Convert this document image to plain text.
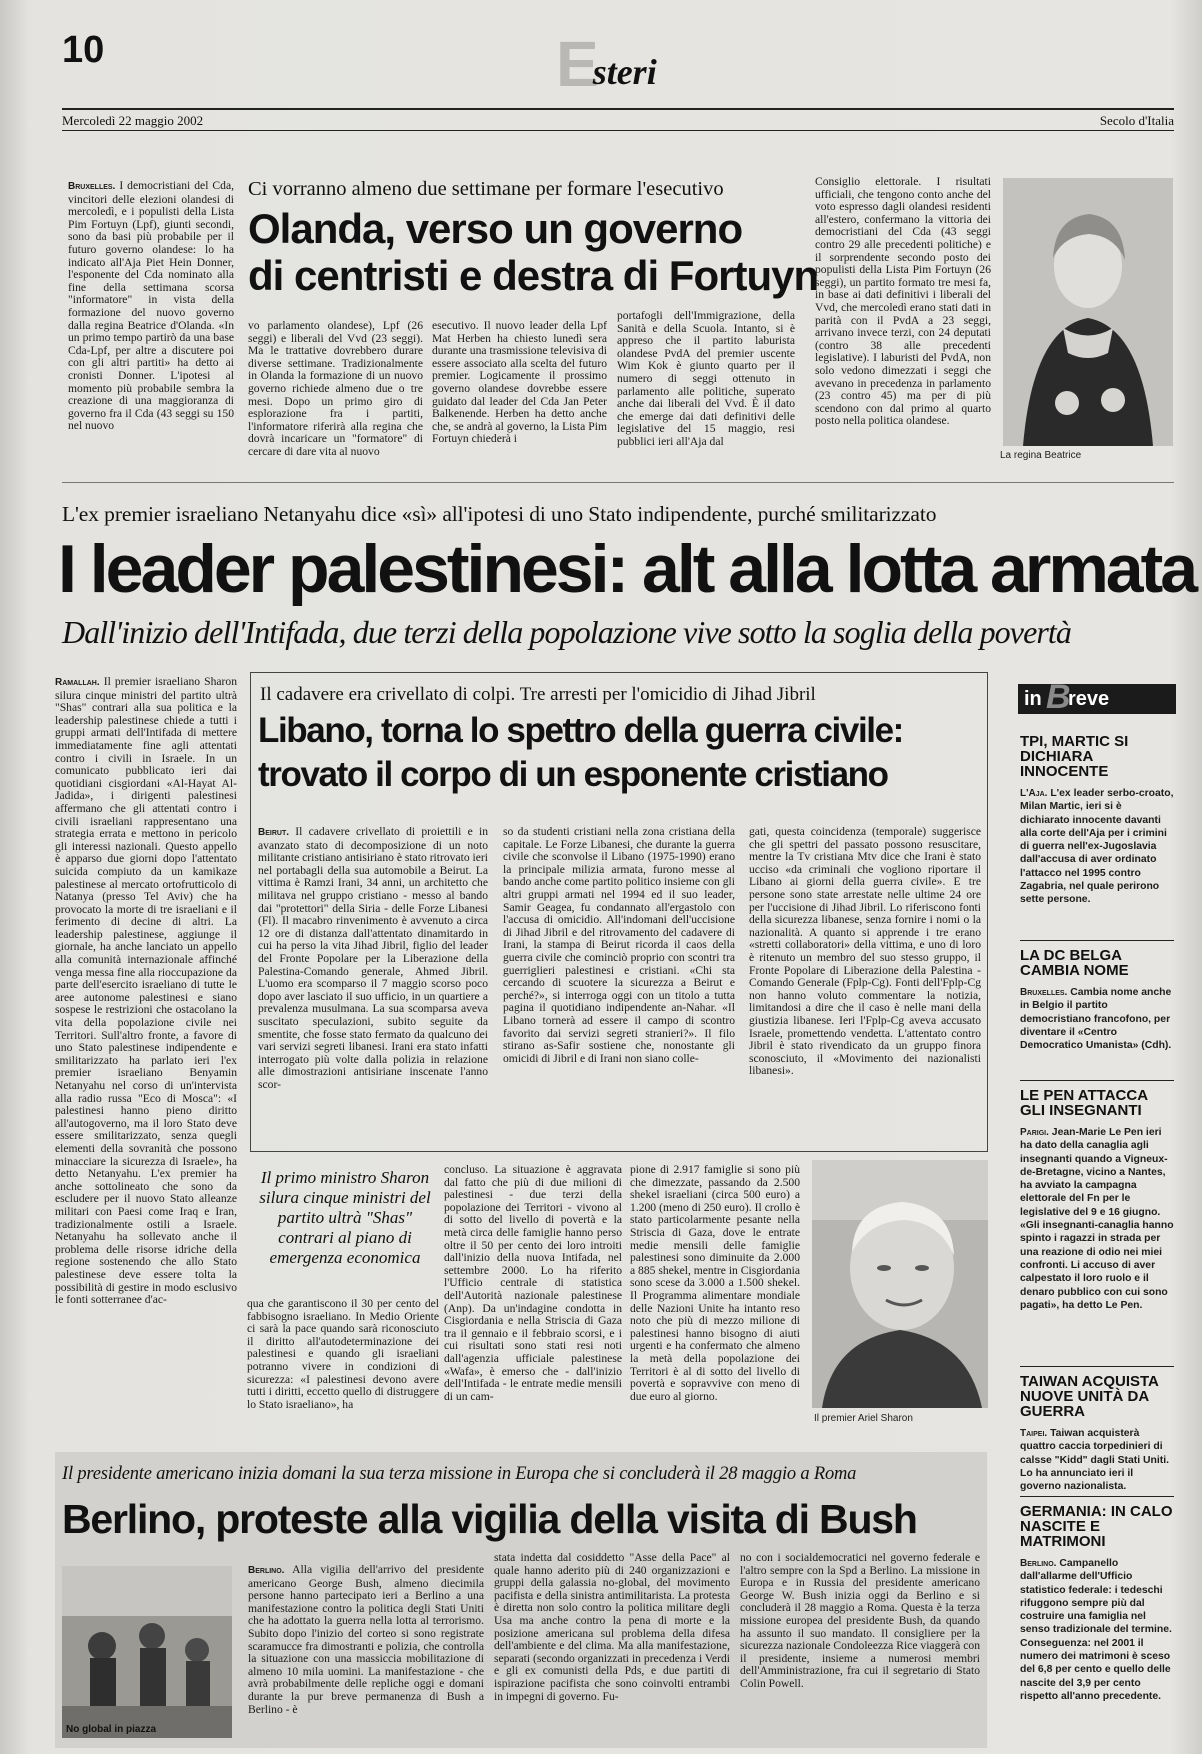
10	Esteri
Mercoledì 22 maggio 2002	Secolo d'Italia

Bruxelles. I democristiani del Cda, vincitori delle elezioni olandesi di mercoledì, e i populisti della Lista Pim Fortuyn (Lpf), giunti secondi, sono da basi più probabile per il futuro governo olandese: lo ha indicato all'Aja Piet Hein Donner, l'esponente del Cda nominato alla fine della settimana scorsa "informatore" in vista della formazione del nuovo governo dalla regina Beatrice d'Olanda. «In un primo tempo partirò da una base Cda-Lpf, per altre a discutere poi con gli altri partiti» ha detto ai cronisti Donner. L'ipotesi al momento più probabile sembra la creazione di una maggioranza di governo fra il Cda (43 seggi su 150 nel nuovo

Ci vorranno almeno due settimane per formare l'esecutivo
Olanda, verso un governo
di centristi e destra di Fortuyn

vo parlamento olandese), Lpf (26 seggi) e liberali del Vvd (23 seggi). Ma le trattative dovrebbero durare diverse settimane. Tradizionalmente in Olanda la formazione di un nuovo governo richiede almeno due o tre mesi. Dopo un primo giro di esplorazione fra i partiti, l'informatore riferirà alla regina che dovrà incaricare un "formatore" di cercare di dare vita al nuovo

esecutivo. Il nuovo leader della Lpf Mat Herben ha chiesto lunedì sera durante una trasmissione televisiva di essere associato alla scelta del futuro premier. Logicamente il prossimo governo olandese dovrebbe essere guidato dal leader del Cda Jan Peter Balkenende. Herben ha detto anche che, se andrà al governo, la Lista Pim Fortuyn chiederà i

portafogli dell'Immigrazione, della Sanità e della Scuola. Intanto, si è appreso che il partito laburista olandese PvdA del premier uscente Wim Kok è giunto quarto per il numero di seggi ottenuto in parlamento alle politiche, superato anche dai liberali del Vvd. È il dato che emerge dai dati definitivi delle legislative del 15 maggio, resi pubblici ieri all'Aja dal

Consiglio elettorale. I risultati ufficiali, che tengono conto anche del voto espresso dagli olandesi residenti all'estero, confermano la vittoria dei democristiani del Cda (43 seggi contro 29 alle precedenti politiche) e il sorprendente secondo posto dei populisti della Lista Pim Fortuyn (26 seggi), un partito formato tre mesi fa, in base ai dati definitivi i liberali del Vvd, che mercoledì erano stati dati in parità con il PvdA a 23 seggi, arrivano invece terzi, con 24 deputati (contro 38 alle precedenti legislative). I laburisti del PvdA, non solo vedono dimezzati i seggi che avevano in precedenza in parlamento (23 contro 45) ma per di più scendono con dal primo al quarto posto nella politica olandese.

La regina Beatrice
L'ex premier israeliano Netanyahu dice «sì» all'ipotesi di uno Stato indipendente, purché smilitarizzato
I leader palestinesi: alt alla lotta armata
Dall'inizio dell'Intifada, due terzi della popolazione vive sotto la soglia della povertà

Ramallah. Il premier israeliano Sharon silura cinque ministri del partito ultrà "Shas" contrari alla sua politica e la leadership palestinese chiede a tutti i gruppi armati dell'Intifada di mettere immediatamente fine agli attentati contro i civili in Israele. In un comunicato pubblicato ieri dai quotidiani cisgiordani «Al-Hayat Al-Jadida», i dirigenti palestinesi affermano che gli attentati contro i civili israeliani rappresentano una strategia errata e mettono in pericolo gli interessi nazionali. Questo appello è apparso due giorni dopo l'attentato suicida compiuto da un kamikaze palestinese al mercato ortofrutticolo di Natanya (presso Tel Aviv) che ha provocato la morte di tre israeliani e il ferimento di decine di altri. La leadership palestinese, aggiunge il giornale, ha anche lanciato un appello alla comunità internazionale affinché venga messa fine alla rioccupazione da parte dell'esercito israeliano di tutte le aree autonome palestinesi e siano sospese le restrizioni che ostacolano la vita della popolazione civile nei Territori. Sull'altro fronte, a favore di uno Stato palestinese indipendente e smilitarizzato ha parlato ieri l'ex premier israeliano Benyamin Netanyahu nel corso di un'intervista alla radio russa "Eco di Mosca": «I palestinesi hanno pieno diritto all'autogoverno, ma il loro Stato deve essere smilitarizzato, senza quegli elementi della sovranità che possono minacciare la sicurezza di Israele», ha detto Netanyahu. L'ex premier ha anche sottolineato che sono da escludere per il nuovo Stato alleanze militari con Paesi come Iraq e Iran, tradizionalmente ostili a Israele. Netanyahu ha sollevato anche il problema delle risorse idriche della regione sostenendo che allo Stato palestinese deve essere tolta la possibilità di gestire in modo esclusivo le fonti sotterranee d'ac-

Il cadavere era crivellato di colpi. Tre arresti per l'omicidio di Jihad Jibril
Libano, torna lo spettro della guerra civile:
trovato il corpo di un esponente cristiano

Beirut. Il cadavere crivellato di proiettili e in avanzato stato di decomposizione di un noto militante cristiano antisiriano è stato ritrovato ieri nel portabagli della sua automobile a Beirut. La vittima è Ramzi Irani, 34 anni, un architetto che militava nel gruppo cristiano - messo al bando dai "protettori" della Siria - delle Forze Libanesi (Fl). Il macabro rinvenimento è avvenuto a circa 12 ore di distanza dall'attentato dinamitardo in cui ha perso la vita Jihad Jibril, figlio del leader del Fronte Popolare per la Liberazione della Palestina-Comando generale, Ahmed Jibril. L'uomo era scomparso il 7 maggio scorso poco dopo aver lasciato il suo ufficio, in un quartiere a prevalenza musulmana. La sua scomparsa aveva suscitato speculazioni, subito seguite da smentite, che fosse stato fermato da qualcuno dei vari servizi segreti libanesi. Irani era stato infatti interrogato più volte dalla polizia in relazione alle dimostrazioni antisiriane inscenate l'anno scor-

so da studenti cristiani nella zona cristiana della capitale. Le Forze Libanesi, che durante la guerra civile che sconvolse il Libano (1975-1990) erano la principale milizia armata, furono messe al bando anche come partito politico insieme con gli altri gruppi armati nel 1994 ed il suo leader, Samir Geagea, fu condannato all'ergastolo con l'accusa di omicidio. All'indomani dell'uccisione di Jihad Jibril e del ritrovamento del cadavere di Irani, la stampa di Beirut ricorda il caos della guerra civile che cominciò proprio con scontri tra guerriglieri palestinesi e cristiani. «Chi sta cercando di scuotere la sicurezza a Beirut e perché?», si interroga oggi con un titolo a tutta pagina il quotidiano indipendente an-Nahar. «Il Libano tornerà ad essere il campo di scontro favorito dai servizi segreti stranieri?». Il filo stirano as-Safir sostiene che, nonostante gli omicidi di Jibril e di Irani non siano colle-

gati, questa coincidenza (temporale) suggerisce che gli spettri del passato possono resuscitare, mentre la Tv cristiana Mtv dice che Irani è stato ucciso «da criminali che vogliono riportare il Libano ai giorni della guerra civile». E tre persone sono state arrestate nelle ultime 24 ore per l'uccisione di Jihad Jibril. Lo riferiscono fonti della sicurezza libanese, senza fornire i nomi o la nazionalità. A quanto si apprende i tre erano «stretti collaboratori» della vittima, e uno di loro è ritenuto un membro del suo stesso gruppo, il Fronte Popolare di Liberazione della Palestina - Comando Generale (Fplp-Cg). Fonti dell'Fplp-Cg non hanno voluto commentare la notizia, limitandosi a dire che il caso è nelle mani della giustizia libanese. Ieri l'Fplp-Cg aveva accusato Israele, promettendo vendetta. L'attentato contro Jibril è stato rivendicato da un gruppo finora sconosciuto, il «Movimento dei nazionalisti libanesi».

Il primo ministro Sharon silura cinque ministri del partito ultrà "Shas" contrari al piano di emergenza economica

qua che garantiscono il 30 per cento del fabbisogno israeliano. In Medio Oriente ci sarà la pace quando sarà riconosciuto il diritto all'autodeterminazione dei palestinesi e quando gli israeliani potranno vivere in condizioni di sicurezza: «I palestinesi devono avere tutti i diritti, eccetto quello di distruggere lo Stato israeliano», ha

concluso. La situazione è aggravata dal fatto che più di due milioni di palestinesi - due terzi della popolazione dei Territori - vivono al di sotto del livello di povertà e la metà circa delle famiglie hanno perso oltre il 50 per cento dei loro introiti dall'inizio della nuova Intifada, nel settembre 2000. Lo ha riferito l'Ufficio centrale di statistica dell'Autorità nazionale palestinese (Anp). Da un'indagine condotta in Cisgiordania e nella Striscia di Gaza tra il gennaio e il febbraio scorsi, e i cui risultati sono stati resi noti dall'agenzia ufficiale palestinese «Wafa», è emerso che - dall'inizio dell'Intifada - le entrate medie mensili di un cam-

pione di 2.917 famiglie si sono più che dimezzate, passando da 2.500 shekel israeliani (circa 500 euro) a 1.200 (meno di 250 euro). Il crollo è stato particolarmente pesante nella Striscia di Gaza, dove le entrate medie mensili delle famiglie palestinesi sono diminuite da 2.000 a 885 shekel, mentre in Cisgiordania sono scese da 3.000 a 1.500 shekel. Il Programma alimentare mondiale delle Nazioni Unite ha intanto reso noto che più di mezzo milione di palestinesi hanno bisogno di aiuti urgenti e ha confermato che almeno la metà della popolazione dei Territori è al di sotto del livello di povertà e sopravvive con meno di due euro al giorno.

Il premier Ariel Sharon
Il presidente americano inizia domani la sua terza missione in Europa che si concluderà il 28 maggio a Roma
Berlino, proteste alla vigilia della visita di Bush
No global in piazza

Berlino. Alla vigilia dell'arrivo del presidente americano George Bush, almeno diecimila persone hanno partecipato ieri a Berlino a una manifestazione contro la politica degli Stati Uniti che ha adottato la guerra nella lotta al terrorismo. Subito dopo l'inizio del corteo si sono registrate scaramucce fra dimostranti e polizia, che controlla la situazione con una massiccia mobilitazione di almeno 10 mila uomini. La manifestazione - che avrà probabilmente delle repliche oggi e domani durante la pur breve permanenza di Bush a Berlino - è

stata indetta dal cosiddetto "Asse della Pace" al quale hanno aderito più di 240 organizzazioni e gruppi della galassia no-global, del movimento pacifista e della sinistra antimilitarista. La protesta è diretta non solo contro la politica militare degli Usa ma anche contro la pena di morte e la posizione americana sul problema della difesa dell'ambiente e del clima. Ma alla manifestazione, separati (secondo organizzati in precedenza i Verdi e gli ex comunisti della Pds, e due partiti di ispirazione pacifista che sono coinvolti entrambi in impegni di governo. Fu-

no con i socialdemocratici nel governo federale e l'altro sempre con la Spd a Berlino. La missione in Europa e in Russia del presidente americano George W. Bush inizia oggi da Berlino e si concluderà il 28 maggio a Roma. Questa è la terza missione europea del presidente Bush, da quando ha assunto il suo mandato. Il consigliere per la sicurezza nazionale Condoleezza Rice viaggerà con il presidente, insieme a numerosi membri dell'Amministrazione, fra cui il segretario di Stato Colin Powell.

in B
reve
TPI, MARTIC SI DICHIARA INNOCENTE
L'Aja. L'ex leader serbo-croato, Milan Martic, ieri si è dichiarato innocente davanti alla corte dell'Aja per i crimini di guerra nell'ex-Jugoslavia dall'accusa di aver ordinato l'attacco nel 1995 contro Zagabria, nel quale perirono sette persone.
LA DC BELGA CAMBIA NOME
Bruxelles. Cambia nome anche in Belgio il partito democristiano francofono, per diventare il «Centro Democratico Umanista» (Cdh).
LE PEN ATTACCA GLI INSEGNANTI
Parigi. Jean-Marie Le Pen ieri ha dato della canaglia agli insegnanti quando a Vigneux-de-Bretagne, vicino a Nantes, ha avviato la campagna elettorale del Fn per le legislative del 9 e 16 giugno. «Gli insegnanti-canaglia hanno spinto i ragazzi in strada per una reazione di odio nei miei confronti. Li accuso di aver calpestato il loro ruolo e il denaro pubblico con cui sono pagati», ha detto Le Pen.
TAIWAN ACQUISTA NUOVE UNITÀ DA GUERRA
Taipei. Taiwan acquisterà quattro caccia torpedinieri di calsse "Kidd" dagli Stati Uniti. Lo ha annunciato ieri il governo nazionalista.
GERMANIA: IN CALO NASCITE E MATRIMONI
Berlino. Campanello dall'allarme dell'Ufficio statistico federale: i tedeschi rifuggono sempre più dal costruire una famiglia nel senso tradizionale del termine. Conseguenza: nel 2001 il numero dei matrimoni è sceso del 6,8 per cento e quello delle nascite del 3,9 per cento rispetto all'anno precedente.
